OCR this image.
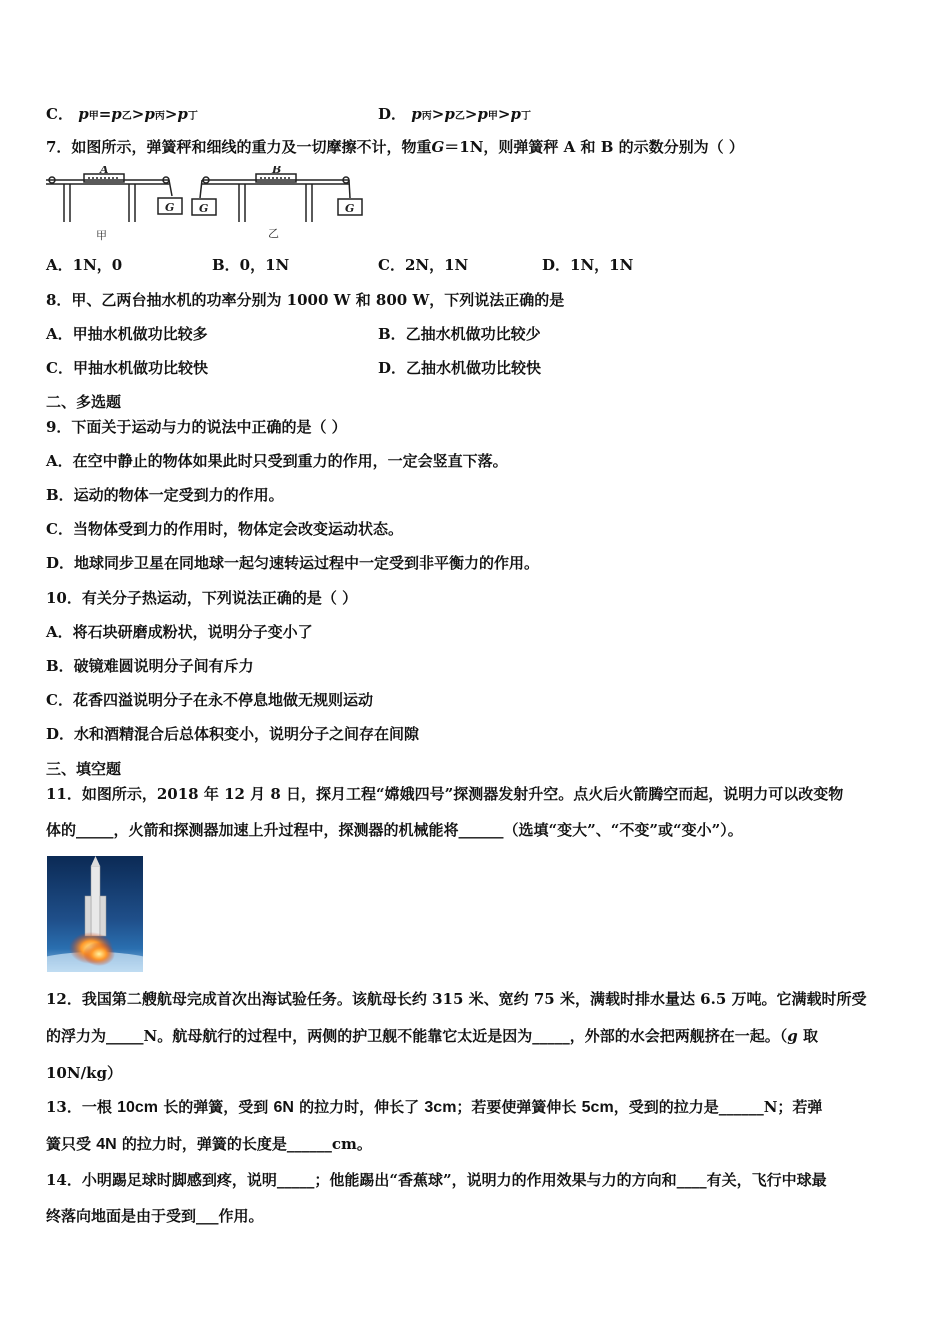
C． p甲=p乙>p丙>p丁	D． p丙>p乙>p甲>p丁
7．如图所示，弹簧秤和细线的重力及一切摩擦不计，物重G＝1N，则弹簧秤 A 和 B 的示数分别为（ ）
A	B
G G	G
甲	乙
A．1N，0	B．0，1N	C．2N，1N	D．1N，1N
8．甲、乙两台抽水机的功率分别为 1000 W 和 800 W，下列说法正确的是
A．甲抽水机做功比较多	B．乙抽水机做功比较少
C．甲抽水机做功比较快	D．乙抽水机做功比较快
二、多选题
9．下面关于运动与力的说法中正确的是（ ）
A．在空中静止的物体如果此时只受到重力的作用，一定会竖直下落。
B．运动的物体一定受到力的作用。
C．当物体受到力的作用时，物体定会改变运动状态。
D．地球同步卫星在同地球一起匀速转运过程中一定受到非平衡力的作用。
10．有关分子热运动，下列说法正确的是（ ）
A．将石块研磨成粉状，说明分子变小了
B．破镜难圆说明分子间有斥力
C．花香四溢说明分子在永不停息地做无规则运动
D．水和酒精混合后总体积变小，说明分子之间存在间隙
三、填空题
11．如图所示，2018 年 12 月 8 日，探月工程“嫦娥四号”探测器发射升空。点火后火箭腾空而起，说明力可以改变物
体的_____，火箭和探测器加速上升过程中，探测器的机械能将______（选填“变大”、“不变”或“变小”）。
12．我国第二艘航母完成首次出海试验任务。该航母长约 315 米、宽约 75 米，满载时排水量达 6.5 万吨。它满载时所受
的浮力为_____N。航母航行的过程中，两侧的护卫舰不能靠它太近是因为_____，外部的水会把两舰挤在一起。（g 取
10N/kg）
13．一根 10cm 长的弹簧，受到 6N 的拉力时，伸长了 3cm；若要使弹簧伸长 5cm，受到的拉力是______N；若弹
簧只受 4N 的拉力时，弹簧的长度是______cm。
14．小明踢足球时脚感到疼，说明_____；他能踢出“香蕉球”，说明力的作用效果与力的方向和____有关，飞行中球最
终落向地面是由于受到___作用。
